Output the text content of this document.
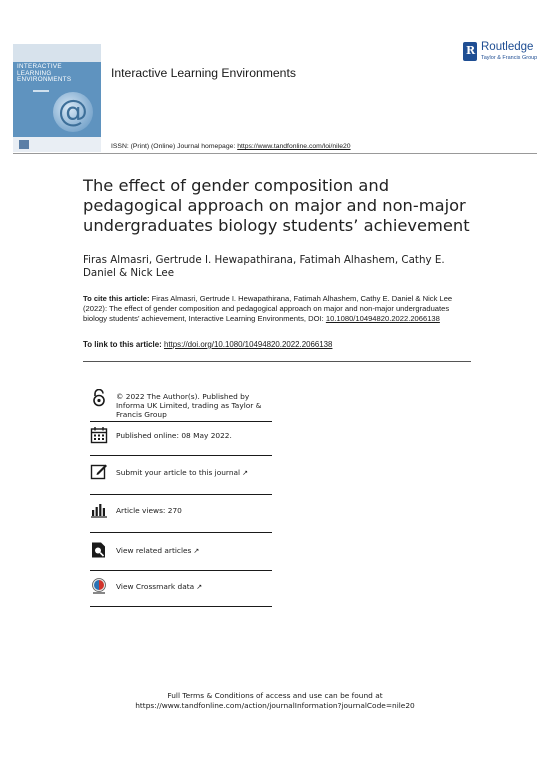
INTERACTIVE
LEARNING
ENVIRONMENTS
@
Interactive Learning Environments
R Routledge
Taylor & Francis Group
ISSN: (Print) (Online) Journal homepage: https://www.tandfonline.com/loi/nile20
The effect of gender composition and pedagogical approach on major and non-major undergraduates biology students’ achievement
Firas Almasri, Gertrude I. Hewapathirana, Fatimah Alhashem, Cathy E. Daniel & Nick Lee
To cite this article: Firas Almasri, Gertrude I. Hewapathirana, Fatimah Alhashem, Cathy E. Daniel & Nick Lee (2022): The effect of gender composition and pedagogical approach on major and non-major undergraduates biology students’ achievement, Interactive Learning Environments, DOI: 10.1080/10494820.2022.2066138
To link to this article: https://doi.org/10.1080/10494820.2022.2066138
© 2022 The Author(s). Published by Informa UK Limited, trading as Taylor & Francis Group
Published online: 08 May 2022.
Submit your article to this journal ↗
Article views: 270
View related articles ↗
View Crossmark data ↗
Full Terms & Conditions of access and use can be found at
https://www.tandfonline.com/action/journalInformation?journalCode=nile20
